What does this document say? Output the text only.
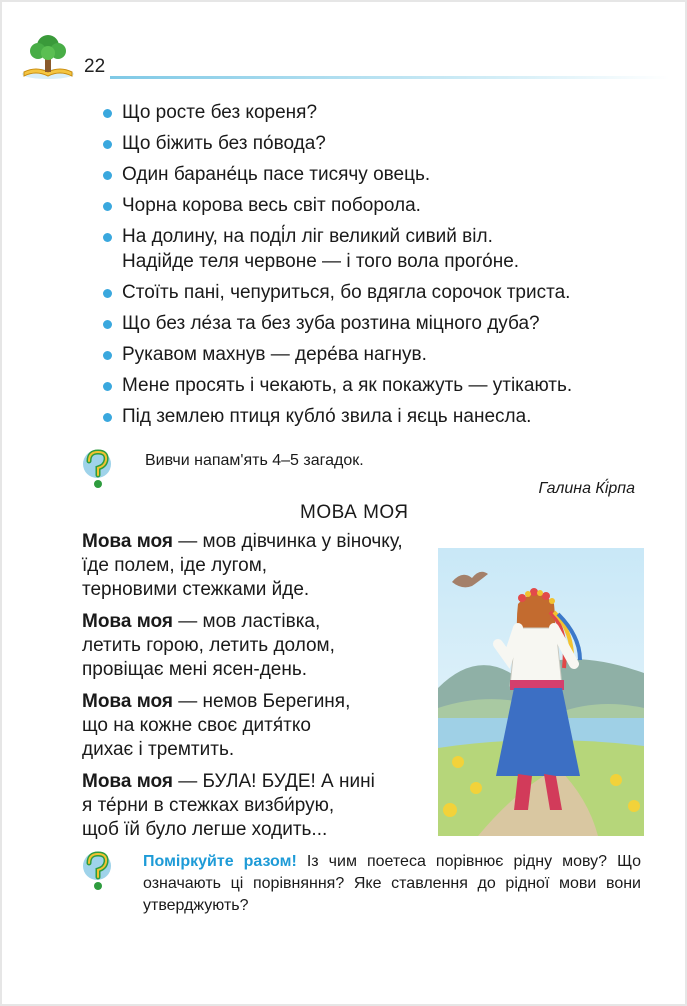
22
Що росте без кореня?
Що біжить без по́вода?
Один баране́ць пасе тисячу овець.
Чорна корова весь світ поборола.
На долину, на поді́л ліг великий сивий віл.
Надійде теля червоне — і того вола прого́не.
Стоїть пані, чепуриться, бо вдягла сорочок триста.
Що без ле́за та без зуба розтина міцного дуба?
Рукавом махнув — дере́ва нагнув.
Мене просять і чекають, а як покажуть — утікають.
Під землею птиця кубло́ звила і яєць нанесла.
Вивчи напам'ять 4–5 загадок.
Галина Кі́рпа
МОВА МОЯ
Мова моя — мов дівчинка у віночку,
їде полем, іде лугом,
терновими стежками йде.
Мова моя — мов ластівка,
летить горою, летить долом,
провіщає мені ясен-день.
Мова моя — немов Берегиня,
що на кожне своє дитя́тко
дихає і тремтить.
Мова моя — БУЛА! БУДЕ! А нині
я те́рни в стежках визби́рую,
щоб їй було легше ходить...
Поміркуйте разом! Із чим поетеса порівнює рідну мову? Що означають ці порівняння? Яке ставлення до рідної мови вони утверджують?
